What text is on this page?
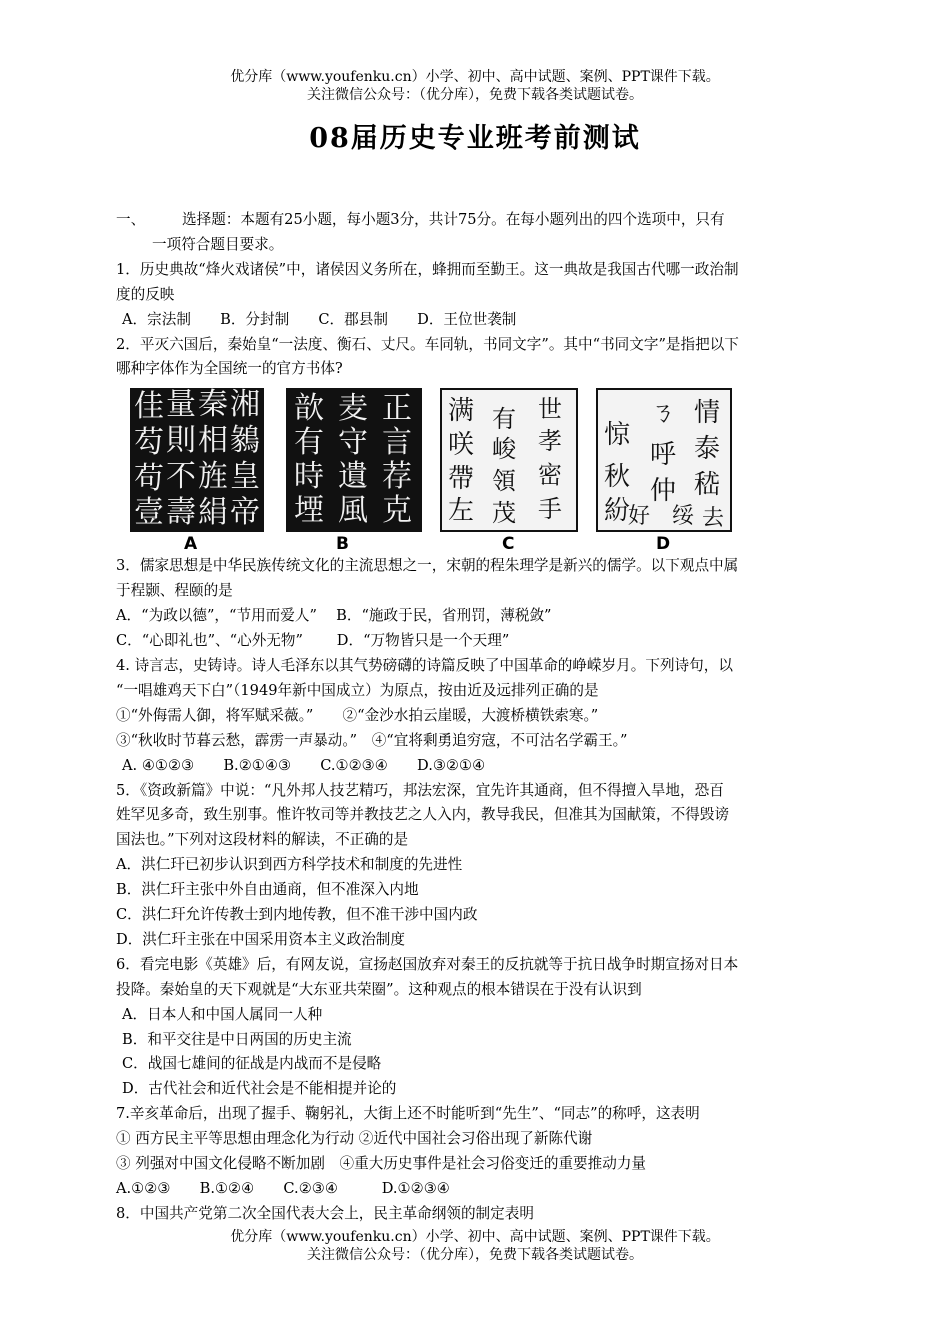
优分库（www.youfenku.cn）小学、初中、高中试题、案例、PPT课件下载。
关注微信公众号：（优分库），免费下载各类试题试卷。
08届历史专业班考前测试

一、	选择题：本题有25小题，每小题3分，共计75分。在每小题列出的四个选项中，只有

一项符合题目要求。

1．历史典故“烽火戏诸侯”中，诸侯因义务所在，蜂拥而至勤王。这一典故是我国古代哪一政治制

度的反映

A．宗法制　　B．分封制　　C．郡县制　　D．王位世袭制

2．平灭六国后，秦始皇“一法度、衡石、丈尺。车同轨，书同文字”。其中“书同文字”是指把以下

哪种字体作为全国统一的官方书体?

佳 量 秦 湘
芶 則 相 鶨
苟 不 旌 皇
壹 壽 絹 帝
A
歆 麦 正
有 守 言
時 遺 荐
堙 風 克
B
满 有 世
咲 峻 孝
帶 領 密
左 茂 手
C
惊
ㄋ 情
秋
呼 泰
紛
仲 嵇
好 绥 去
D

3．儒家思想是中华民族传统文化的主流思想之一，宋朝的程朱理学是新兴的儒学。以下观点中属

于程颢、程颐的是

A．“为政以德”，“节用而爱人”　 B．“施政于民，省刑罚，薄税敛”

C．“心即礼也”、“心外无物”　　 D．“万物皆只是一个天理”

4. 诗言志，史铸诗。诗人毛泽东以其气势磅礴的诗篇反映了中国革命的峥嵘岁月。下列诗句，以

“一唱雄鸡天下白”（1949年新中国成立）为原点，按由近及远排列正确的是

①“外侮需人御，将军赋采薇。”　　②“金沙水拍云崖暖，大渡桥横铁索寒。”

③“秋收时节暮云愁，霹雳一声暴动。”　④“宜将剩勇追穷寇，不可沽名学霸王。”

A. ④①②③　　B.②①④③　　C.①②③④　　D.③②①④

5．《资政新篇》中说：“凡外邦人技艺精巧，邦法宏深，宜先许其通商，但不得擅入旱地，恐百

姓罕见多奇，致生别事。惟许牧司等并教技艺之人入内，教导我民，但准其为国献策，不得毁谤

国法也。”下列对这段材料的解读，不正确的是

A．洪仁玕已初步认识到西方科学技术和制度的先进性

B．洪仁玕主张中外自由通商，但不准深入内地

C．洪仁玕允许传教士到内地传教，但不准干涉中国内政

D．洪仁玕主张在中国采用资本主义政治制度

6．看完电影《英雄》后，有网友说，宣扬赵国放弃对秦王的反抗就等于抗日战争时期宣扬对日本

投降。秦始皇的天下观就是“大东亚共荣圈”。这种观点的根本错误在于没有认识到

A．日本人和中国人属同一人种

B．和平交往是中日两国的历史主流

C．战国七雄间的征战是内战而不是侵略

D．古代社会和近代社会是不能相提并论的

7.辛亥革命后，出现了握手、鞠躬礼，大街上还不时能听到“先生”、“同志”的称呼，这表明

① 西方民主平等思想由理念化为行动 ②近代中国社会习俗出现了新陈代谢

③ 列强对中国文化侵略不断加剧　④重大历史事件是社会习俗变迁的重要推动力量

A.①②③　　B.①②④　　C.②③④　　　D.①②③④

8．中国共产党第二次全国代表大会上，民主革命纲领的制定表明

优分库（www.youfenku.cn）小学、初中、高中试题、案例、PPT课件下载。
关注微信公众号：（优分库），免费下载各类试题试卷。
